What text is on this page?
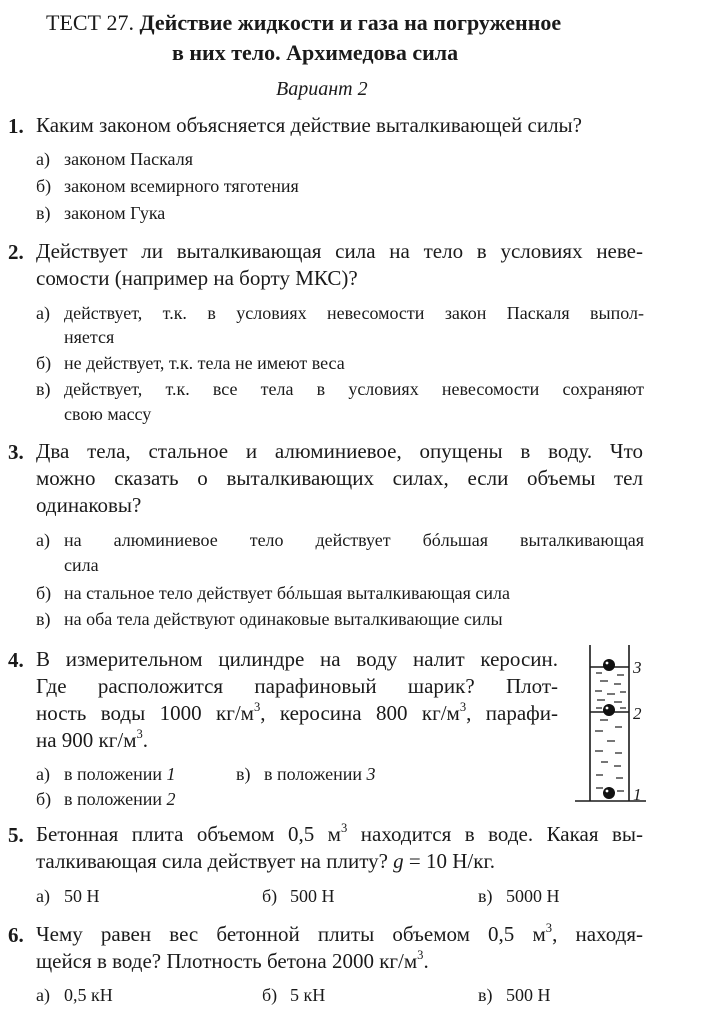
ТЕСТ 27. Действие жидкости и газа на погруженное
в них тело. Архимедова сила
Вариант 2
1. Каким законом объясняется действие выталкивающей силы?
а) законом Паскаля
б) законом всемирного тяготения
в) законом Гука
2. Действует ли выталкивающая сила на тело в условиях неве-
сомости (например на борту МКС)?
а) действует, т.к. в условиях невесомости закон Паскаля выпол-
няется
б) не действует, т.к. тела не имеют веса
в) действует, т.к. все тела в условиях невесомости сохраняют
свою массу
3. Два тела, стальное и алюминиевое, опущены в воду. Что
можно сказать о выталкивающих силах, если объемы тел
одинаковы?
а) на алюминиевое тело действует бóльшая выталкивающая
сила
б) на стальное тело действует бóльшая выталкивающая сила
в) на оба тела действуют одинаковые выталкивающие силы
4. В измерительном цилиндре на воду налит керосин.
Где расположится парафиновый шарик? Плот-
ность воды 1000 $кг/м^3$, керосина 800 $кг/м^3$, парафи-
на 900 $кг/м^3$.
а) в положении 1
б) в положении 2
в) в положении 3
3
2
1
5. Бетонная плита объемом 0,5 $м^3$ находится в воде. Какая вы-
талкивающая сила действует на плиту? g = 10 Н/кг.
а) 50 Н	б) 500 Н	в) 5000 Н
6. Чему равен вес бетонной плиты объемом 0,5 $м^3$, находя-
щейся в воде? Плотность бетона 2000 $кг/м^3$.
а) 0,5 кН	б) 5 кН	в) 500 Н
